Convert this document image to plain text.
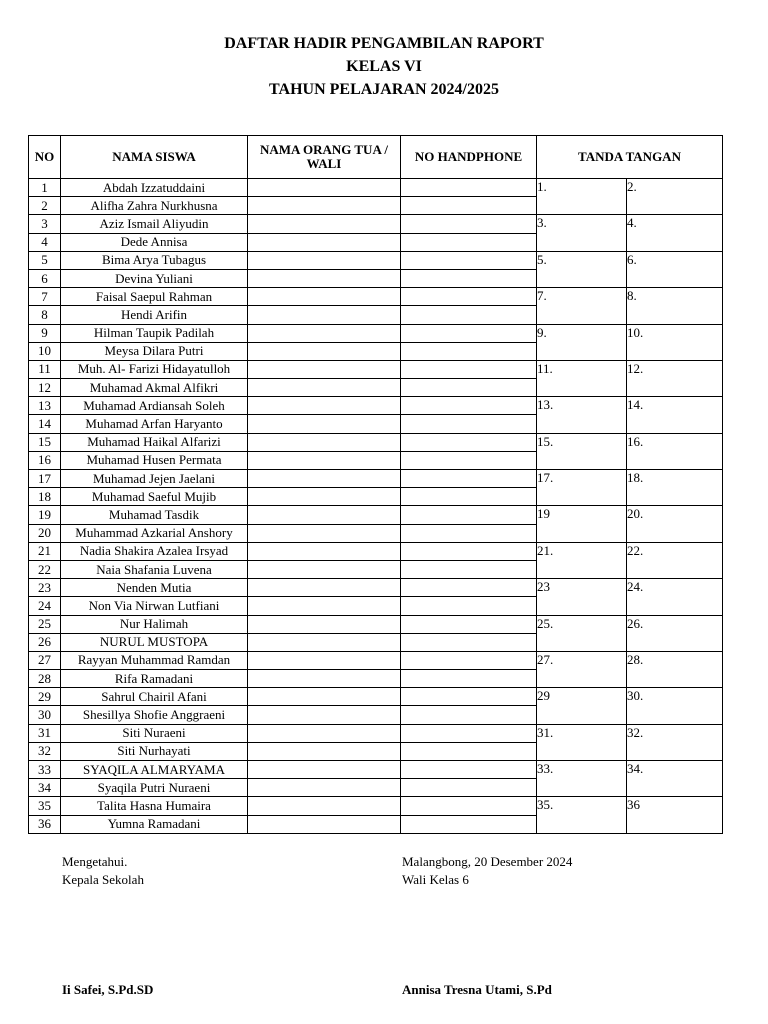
DAFTAR HADIR PENGAMBILAN RAPORT
KELAS VI
TAHUN PELAJARAN 2024/2025
NO	NAMA SISWA	NAMA ORANG TUA / WALI	NO HANDPHONE	TANDA TANGAN	
1	Abdah Izzatuddaini			1.	2.
2	Alifha Zahra Nurkhusna				
3	Aziz Ismail Aliyudin			3.	4.
4	Dede Annisa				
5	Bima Arya Tubagus			5.	6.
6	Devina Yuliani				
7	Faisal Saepul Rahman			7.	8.
8	Hendi Arifin				
9	Hilman Taupik Padilah			9.	10.
10	Meysa Dilara Putri				
11	Muh. Al- Farizi Hidayatulloh			11.	12.
12	Muhamad Akmal Alfikri				
13	Muhamad Ardiansah Soleh			13.	14.
14	Muhamad Arfan Haryanto				
15	Muhamad Haikal Alfarizi			15.	16.
16	Muhamad Husen Permata				
17	Muhamad Jejen Jaelani			17.	18.
18	Muhamad Saeful Mujib				
19	Muhamad Tasdik			19	20.
20	Muhammad Azkarial Anshory				
21	Nadia Shakira Azalea Irsyad			21.	22.
22	Naia Shafania Luvena				
23	Nenden Mutia			23	24.
24	Non Via Nirwan Lutfiani				
25	Nur Halimah			25.	26.
26	NURUL MUSTOPA				
27	Rayyan Muhammad Ramdan			27.	28.
28	Rifa Ramadani				
29	Sahrul Chairil Afani			29	30.
30	Shesillya Shofie Anggraeni				
31	Siti Nuraeni			31.	32.
32	Siti Nurhayati				
33	SYAQILA ALMARYAMA			33.	34.
34	Syaqila Putri Nuraeni				
35	Talita Hasna Humaira			35.	36
36	Yumna Ramadani				
Mengetahui.
Kepala Sekolah
Malangbong, 20 Desember 2024
Wali Kelas 6
Ii Safei, S.Pd.SD	Annisa Tresna Utami, S.Pd
